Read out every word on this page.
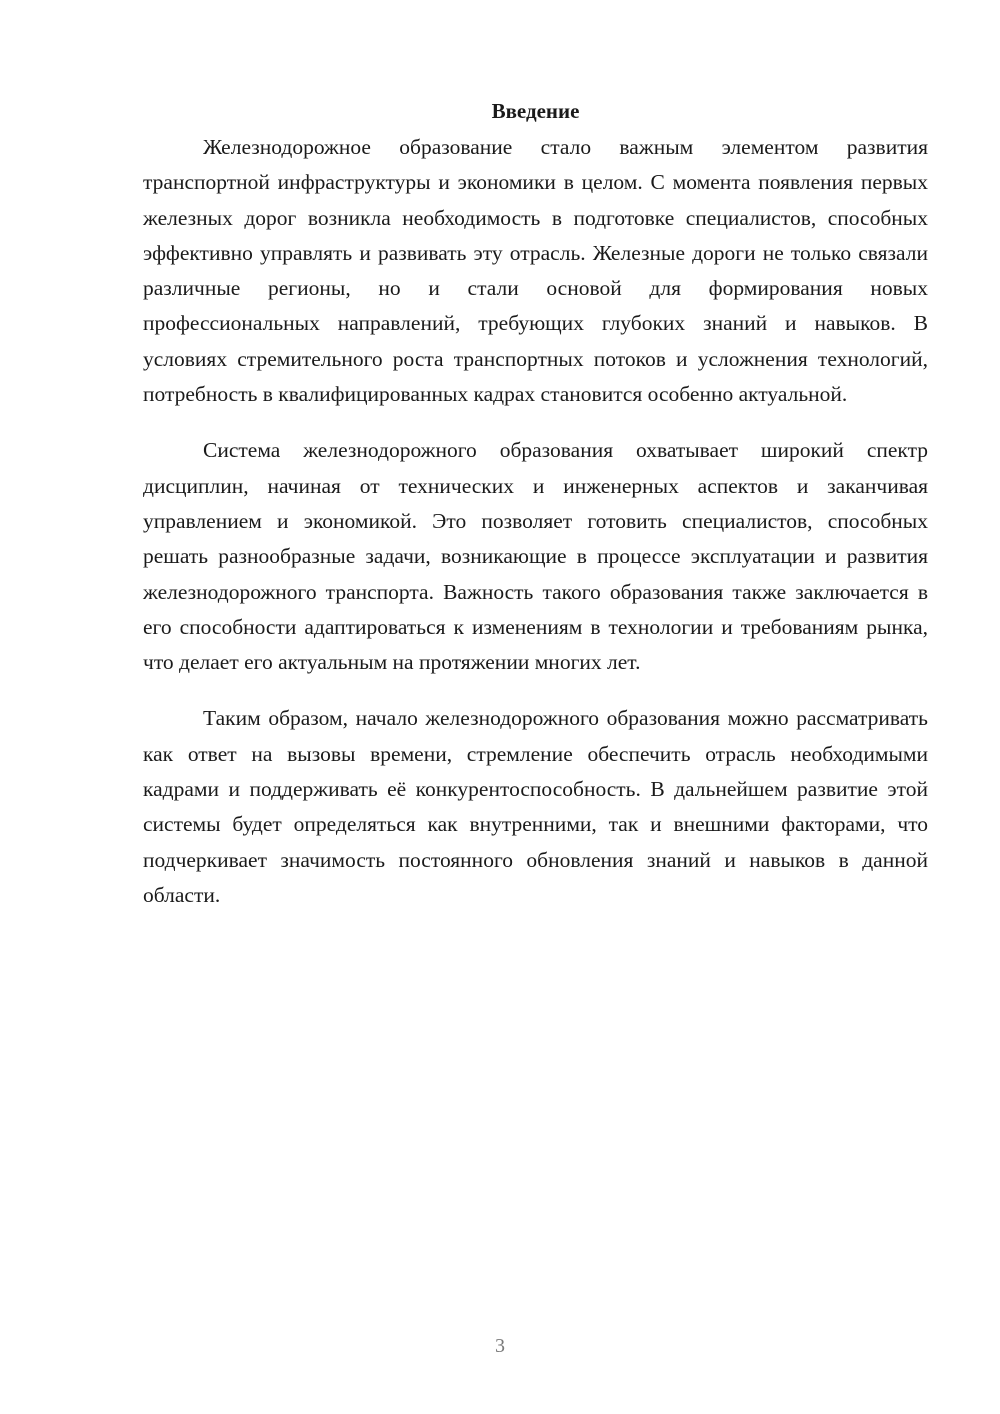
Введение

Железнодорожное образование стало важным элементом развития транспортной инфраструктуры и экономики в целом. С момента появления первых железных дорог возникла необходимость в подготовке специалистов, способных эффективно управлять и развивать эту отрасль. Железные дороги не только связали различные регионы, но и стали основой для формирования новых профессиональных направлений, требующих глубоких знаний и навыков. В условиях стремительного роста транспортных потоков и усложнения технологий, потребность в квалифицированных кадрах становится особенно актуальной.

Система железнодорожного образования охватывает широкий спектр дисциплин, начиная от технических и инженерных аспектов и заканчивая управлением и экономикой. Это позволяет готовить специалистов, способных решать разнообразные задачи, возникающие в процессе эксплуатации и развития железнодорожного транспорта. Важность такого образования также заключается в его способности адаптироваться к изменениям в технологии и требованиям рынка, что делает его актуальным на протяжении многих лет.

Таким образом, начало железнодорожного образования можно рассматривать как ответ на вызовы времени, стремление обеспечить отрасль необходимыми кадрами и поддерживать её конкурентоспособность. В дальнейшем развитие этой системы будет определяться как внутренними, так и внешними факторами, что подчеркивает значимость постоянного обновления знаний и навыков в данной области.

3
